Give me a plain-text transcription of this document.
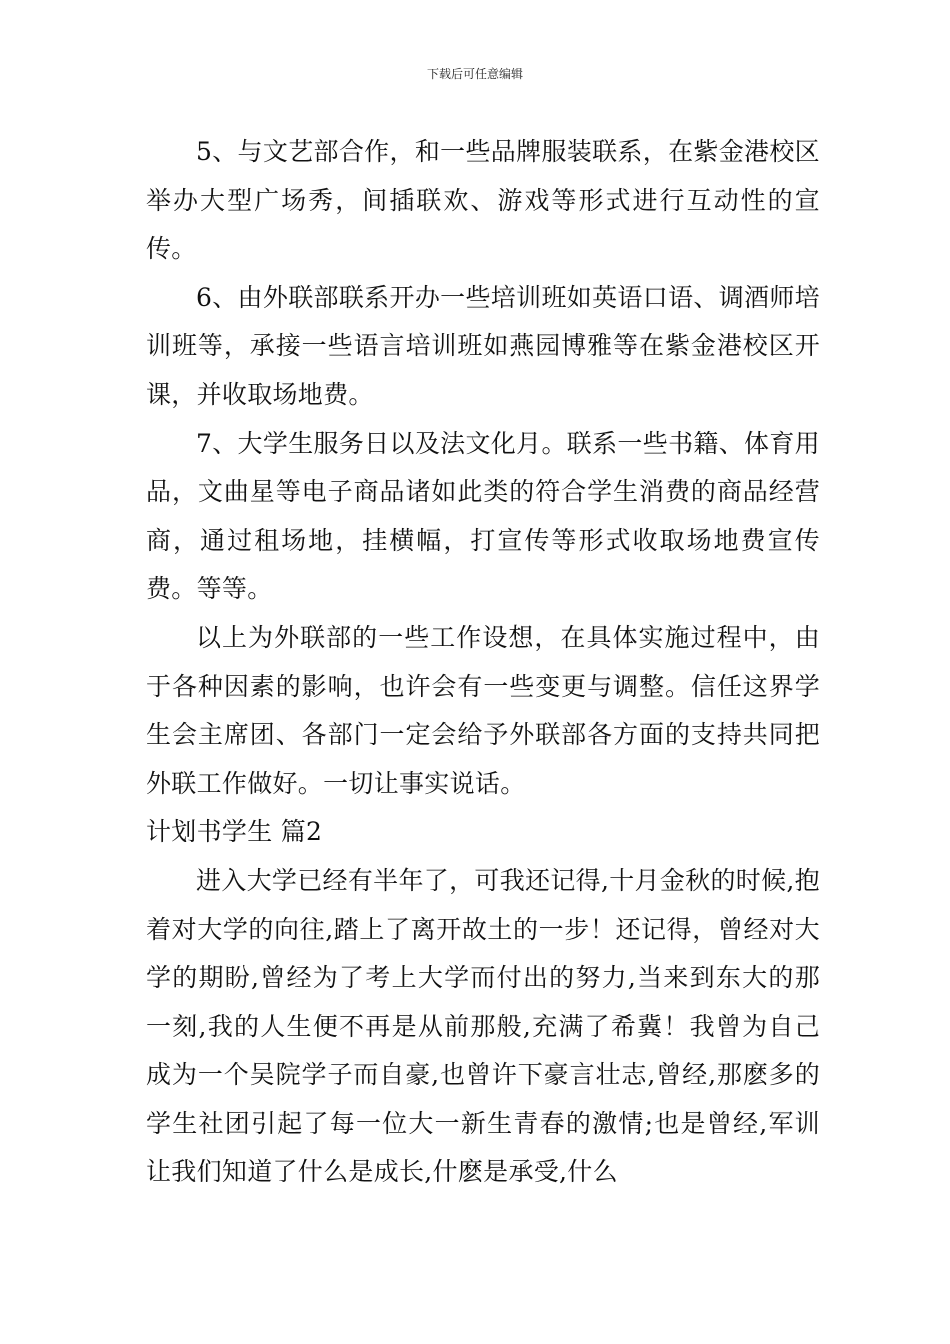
下载后可任意编辑

5、与文艺部合作，和一些品牌服装联系，在紫金港校区举办大型广场秀，间插联欢、游戏等形式进行互动性的宣传。

6、由外联部联系开办一些培训班如英语口语、调酒师培训班等，承接一些语言培训班如燕园博雅等在紫金港校区开课，并收取场地费。

7、大学生服务日以及法文化月。联系一些书籍、体育用品，文曲星等电子商品诸如此类的符合学生消费的商品经营商，通过租场地，挂横幅，打宣传等形式收取场地费宣传费。等等。

以上为外联部的一些工作设想，在具体实施过程中，由于各种因素的影响，也许会有一些变更与调整。信任这界学生会主席团、各部门一定会给予外联部各方面的支持共同把外联工作做好。一切让事实说话。

计划书学生 篇2

进入大学已经有半年了，可我还记得,十月金秋的时候,抱着对大学的向往,踏上了离开故土的一步！还记得，曾经对大学的期盼,曾经为了考上大学而付出的努力,当来到东大的那一刻,我的人生便不再是从前那般,充满了希冀！我曾为自己成为一个吴院学子而自豪,也曾许下豪言壮志,曾经,那麽多的学生社团引起了每一位大一新生青春的激情;也是曾经,军训让我们知道了什么是成长,什麽是承受,什么
